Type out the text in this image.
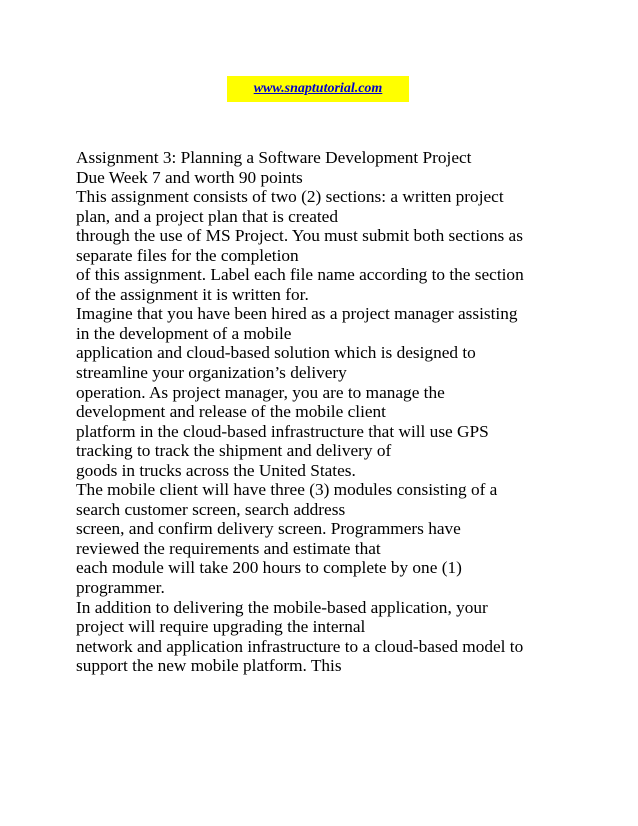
www.snaptutorial.com
Assignment 3: Planning a Software Development Project
Due Week 7 and worth 90 points
This assignment consists of two (2) sections: a written project
plan, and a project plan that is created
through the use of MS Project. You must submit both sections as
separate files for the completion
of this assignment. Label each file name according to the section
of the assignment it is written for.
Imagine that you have been hired as a project manager assisting
in the development of a mobile
application and cloud-based solution which is designed to
streamline your organization’s delivery
operation. As project manager, you are to manage the
development and release of the mobile client
platform in the cloud-based infrastructure that will use GPS
tracking to track the shipment and delivery of
goods in trucks across the United States.
The mobile client will have three (3) modules consisting of a
search customer screen, search address
screen, and confirm delivery screen. Programmers have
reviewed the requirements and estimate that
each module will take 200 hours to complete by one (1)
programmer.
In addition to delivering the mobile-based application, your
project will require upgrading the internal
network and application infrastructure to a cloud-based model to
support the new mobile platform. This
